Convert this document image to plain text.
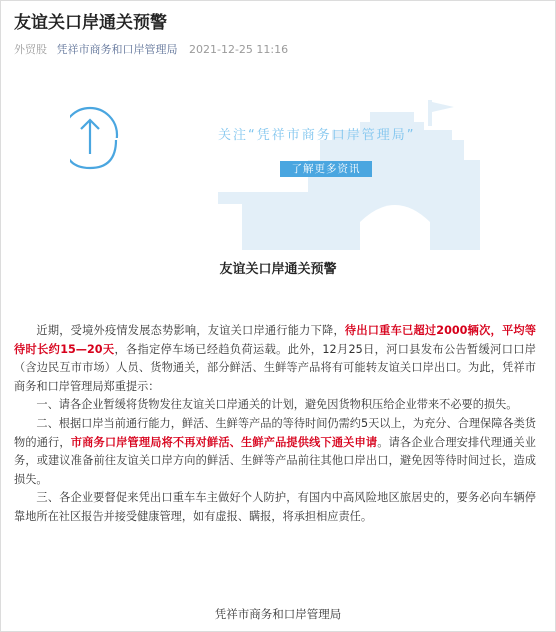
友谊关口岸通关预警
外贸股 凭祥市商务和口岸管理局 2021-12-25 11:16
关注“凭祥市商务口岸管理局”
了解更多资讯
友谊关口岸通关预警

近期，受境外疫情发展态势影响，友谊关口岸通行能力下降，待出口重车已超过2000辆次，平均等待时长约15—20天，各指定停车场已经趋负荷运载。此外，12月25日，河口县发布公告暂缓河口口岸（含边民互市市场）人员、货物通关，部分鲜活、生鲜等产品将有可能转友谊关口岸出口。为此，凭祥市商务和口岸管理局郑重提示：

一、请各企业暂缓将货物发往友谊关口岸通关的计划，避免因货物积压给企业带来不必要的损失。

二、根据口岸当前通行能力，鲜活、生鲜等产品的等待时间仍需约5天以上，为充分、合理保障各类货物的通行，市商务口岸管理局将不再对鲜活、生鲜产品提供线下通关申请。请各企业合理安排代理通关业务，或建议准备前往友谊关口岸方向的鲜活、生鲜等产品前往其他口岸出口，避免因等待时间过长，造成损失。

三、各企业要督促来凭出口重车车主做好个人防护，有国内中高风险地区旅居史的，要务必向车辆停靠地所在社区报告并接受健康管理，如有虚报、瞒报，将承担相应责任。

凭祥市商务和口岸管理局
